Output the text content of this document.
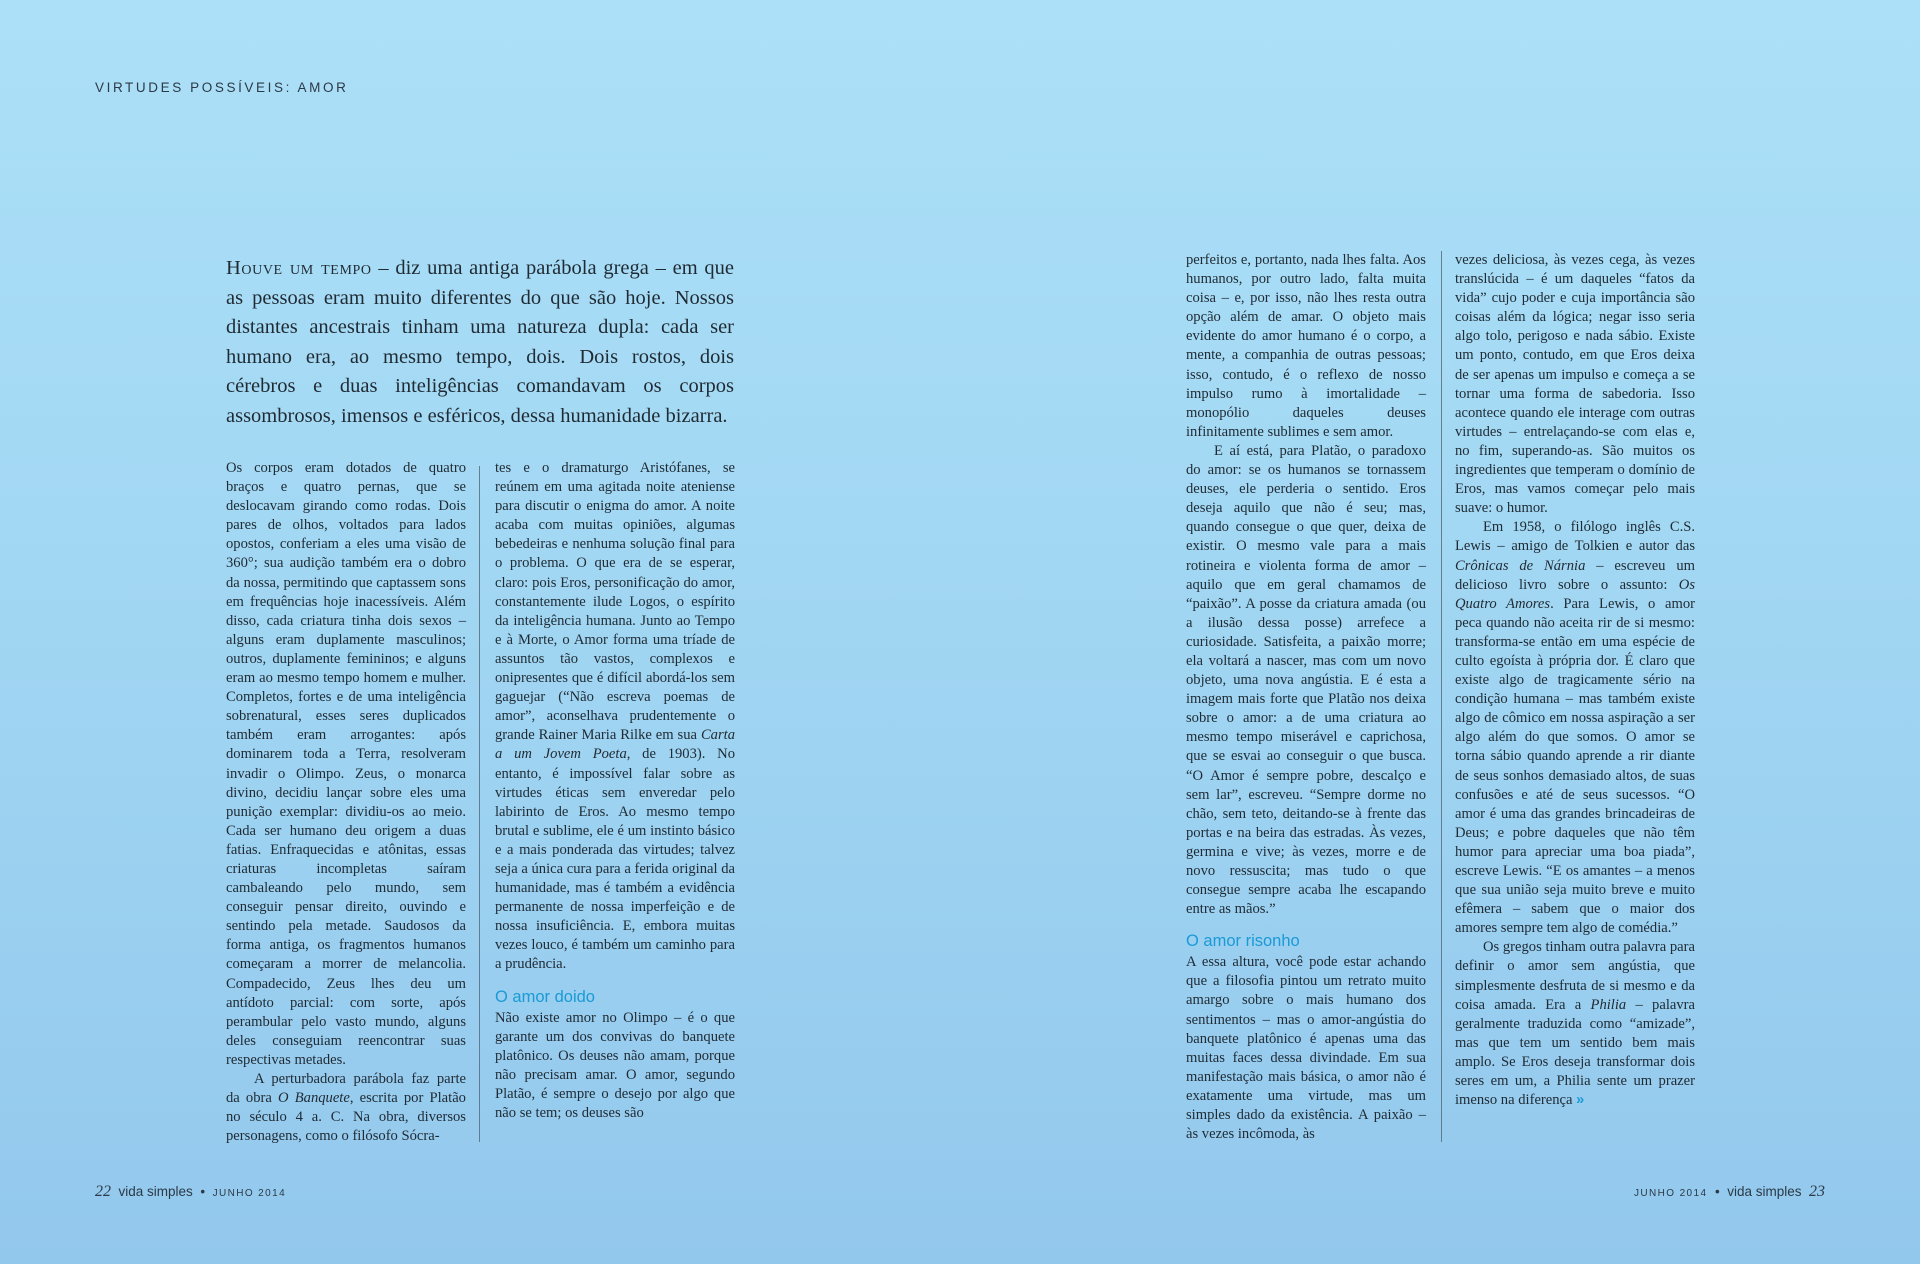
VIRTUDES POSSÍVEIS: AMOR

Houve um tempo – diz uma antiga parábola grega – em que as pessoas eram muito diferentes do que são hoje. Nossos distantes ancestrais tinham uma natureza dupla: cada ser humano era, ao mesmo tempo, dois. Dois rostos, dois cérebros e duas inteligências comandavam os corpos assombrosos, imensos e esféricos, dessa humanidade bizarra.

Os corpos eram dotados de quatro braços e quatro pernas, que se deslocavam girando como rodas. Dois pares de olhos, voltados para lados opostos, conferiam a eles uma visão de 360°; sua audição também era o dobro da nossa, permitindo que captassem sons em frequências hoje inacessíveis. Além disso, cada criatura tinha dois sexos – alguns eram duplamente masculinos; outros, duplamente femininos; e alguns eram ao mesmo tempo homem e mulher. Completos, fortes e de uma inteligência sobrenatural, esses seres duplicados também eram arrogantes: após dominarem toda a Terra, resolveram invadir o Olimpo. Zeus, o monarca divino, decidiu lançar sobre eles uma punição exemplar: dividiu-os ao meio. Cada ser humano deu origem a duas fatias. Enfraquecidas e atônitas, essas criaturas incompletas saíram cambaleando pelo mundo, sem conseguir pensar direito, ouvindo e sentindo pela metade. Saudosos da forma antiga, os fragmentos humanos começaram a morrer de melancolia. Compadecido, Zeus lhes deu um antídoto parcial: com sorte, após perambular pelo vasto mundo, alguns deles conseguiam reencontrar suas respectivas metades.

A perturbadora parábola faz parte da obra O Banquete, escrita por Platão no século 4 a. C. Na obra, diversos personagens, como o filósofo Sócra-

tes e o dramaturgo Aristófanes, se reúnem em uma agitada noite ateniense para discutir o enigma do amor. A noite acaba com muitas opiniões, algumas bebedeiras e nenhuma solução final para o problema. O que era de se esperar, claro: pois Eros, personificação do amor, constantemente ilude Logos, o espírito da inteligência humana. Junto ao Tempo e à Morte, o Amor forma uma tríade de assuntos tão vastos, complexos e onipresentes que é difícil abordá-los sem gaguejar (“Não escreva poemas de amor”, aconselhava prudentemente o grande Rainer Maria Rilke em sua Carta a um Jovem Poeta, de 1903). No entanto, é impossível falar sobre as virtudes éticas sem enveredar pelo labirinto de Eros. Ao mesmo tempo brutal e sublime, ele é um instinto básico e a mais ponderada das virtudes; talvez seja a única cura para a ferida original da humanidade, mas é também a evidência permanente de nossa imperfeição e de nossa insuficiência. E, embora muitas vezes louco, é também um caminho para a prudência.

O amor doido

Não existe amor no Olimpo – é o que garante um dos convivas do banquete platônico. Os deuses não amam, porque não precisam amar. O amor, segundo Platão, é sempre o desejo por algo que não se tem; os deuses são

perfeitos e, portanto, nada lhes falta. Aos humanos, por outro lado, falta muita coisa – e, por isso, não lhes resta outra opção além de amar. O objeto mais evidente do amor humano é o corpo, a mente, a companhia de outras pessoas; isso, contudo, é o reflexo de nosso impulso rumo à imortalidade – monopólio daqueles deuses infinitamente sublimes e sem amor.

E aí está, para Platão, o paradoxo do amor: se os humanos se tornassem deuses, ele perderia o sentido. Eros deseja aquilo que não é seu; mas, quando consegue o que quer, deixa de existir. O mesmo vale para a mais rotineira e violenta forma de amor – aquilo que em geral chamamos de “paixão”. A posse da criatura amada (ou a ilusão dessa posse) arrefece a curiosidade. Satisfeita, a paixão morre; ela voltará a nascer, mas com um novo objeto, uma nova angústia. E é esta a imagem mais forte que Platão nos deixa sobre o amor: a de uma criatura ao mesmo tempo miserável e caprichosa, que se esvai ao conseguir o que busca. “O Amor é sempre pobre, descalço e sem lar”, escreveu. “Sempre dorme no chão, sem teto, deitando-se à frente das portas e na beira das estradas. Às vezes, germina e vive; às vezes, morre e de novo ressuscita; mas tudo o que consegue sempre acaba lhe escapando entre as mãos.”

O amor risonho

A essa altura, você pode estar achando que a filosofia pintou um retrato muito amargo sobre o mais humano dos sentimentos – mas o amor-angústia do banquete platônico é apenas uma das muitas faces dessa divindade. Em sua manifestação mais básica, o amor não é exatamente uma virtude, mas um simples dado da existência. A paixão – às vezes incômoda, às

vezes deliciosa, às vezes cega, às vezes translúcida – é um daqueles “fatos da vida” cujo poder e cuja importância são coisas além da lógica; negar isso seria algo tolo, perigoso e nada sábio. Existe um ponto, contudo, em que Eros deixa de ser apenas um impulso e começa a se tornar uma forma de sabedoria. Isso acontece quando ele interage com outras virtudes – entrelaçando-se com elas e, no fim, superando-as. São muitos os ingredientes que temperam o domínio de Eros, mas vamos começar pelo mais suave: o humor.

Em 1958, o filólogo inglês C.S. Lewis – amigo de Tolkien e autor das Crônicas de Nárnia – escreveu um delicioso livro sobre o assunto: Os Quatro Amores. Para Lewis, o amor peca quando não aceita rir de si mesmo: transforma-se então em uma espécie de culto egoísta à própria dor. É claro que existe algo de tragicamente sério na condição humana – mas também existe algo de cômico em nossa aspiração a ser algo além do que somos. O amor se torna sábio quando aprende a rir diante de seus sonhos demasiado altos, de suas confusões e até de seus sucessos. “O amor é uma das grandes brincadeiras de Deus; e pobre daqueles que não têm humor para apreciar uma boa piada”, escreve Lewis. “E os amantes – a menos que sua união seja muito breve e muito efêmera – sabem que o maior dos amores sempre tem algo de comédia.”

Os gregos tinham outra palavra para definir o amor sem angústia, que simplesmente desfruta de si mesmo e da coisa amada. Era a Philia – palavra geralmente traduzida como “amizade”, mas que tem um sentido bem mais amplo. Se Eros deseja transformar dois seres em um, a Philia sente um prazer imenso na diferença »

22 vida simples • JUNHO 2014	JUNHO 2014 • vida simples 23
